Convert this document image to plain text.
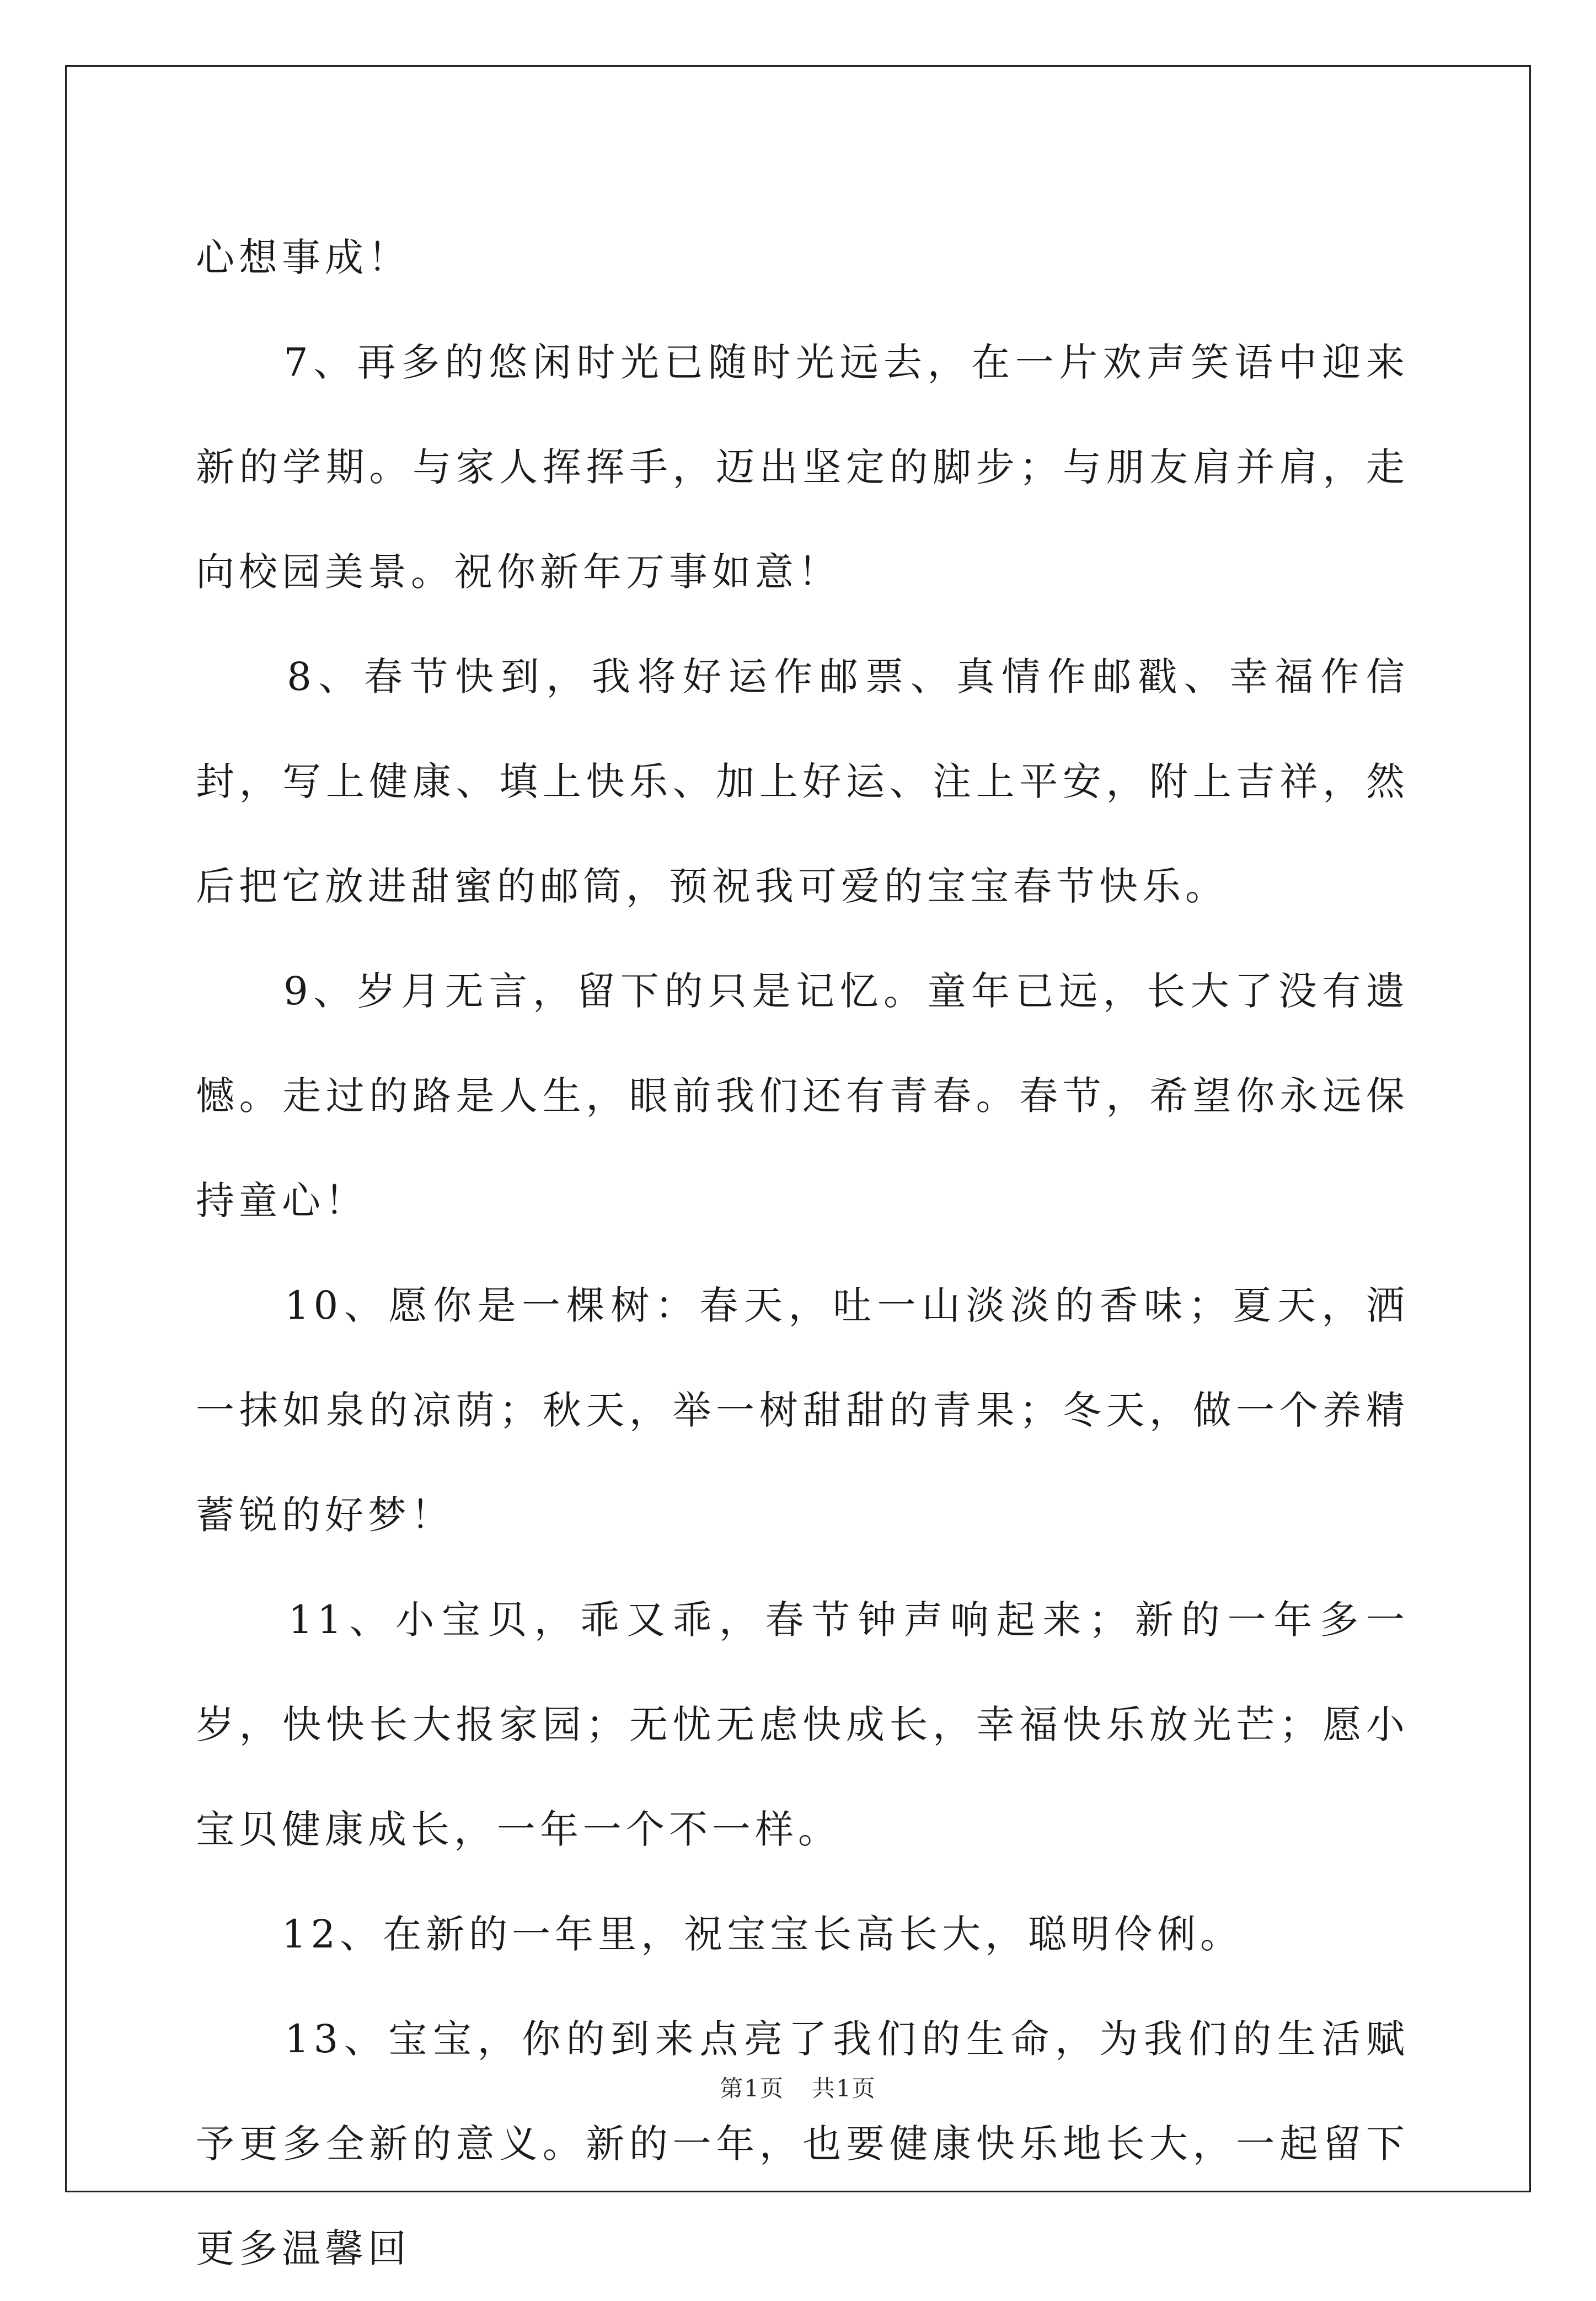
心想事成！

　　7、再多的悠闲时光已随时光远去，在一片欢声笑语中迎来新的学期。与家人挥挥手，迈出坚定的脚步；与朋友肩并肩，走向校园美景。祝你新年万事如意！

　　8、春节快到，我将好运作邮票、真情作邮戳、幸福作信封，写上健康、填上快乐、加上好运、注上平安，附上吉祥，然后把它放进甜蜜的邮筒，预祝我可爱的宝宝春节快乐。

　　9、岁月无言，留下的只是记忆。童年已远，长大了没有遗憾。走过的路是人生，眼前我们还有青春。春节，希望你永远保持童心！

　　10、愿你是一棵树：春天，吐一山淡淡的香味；夏天，洒一抹如泉的凉荫；秋天，举一树甜甜的青果；冬天，做一个养精蓄锐的好梦！

　　11、小宝贝，乖又乖，春节钟声响起来；新的一年多一岁，快快长大报家园；无忧无虑快成长，幸福快乐放光芒；愿小宝贝健康成长，一年一个不一样。

　　12、在新的一年里，祝宝宝长高长大，聪明伶俐。

　　13、宝宝，你的到来点亮了我们的生命，为我们的生活赋予更多全新的意义。新的一年，也要健康快乐地长大，一起留下更多温馨回

第1页 共1页
